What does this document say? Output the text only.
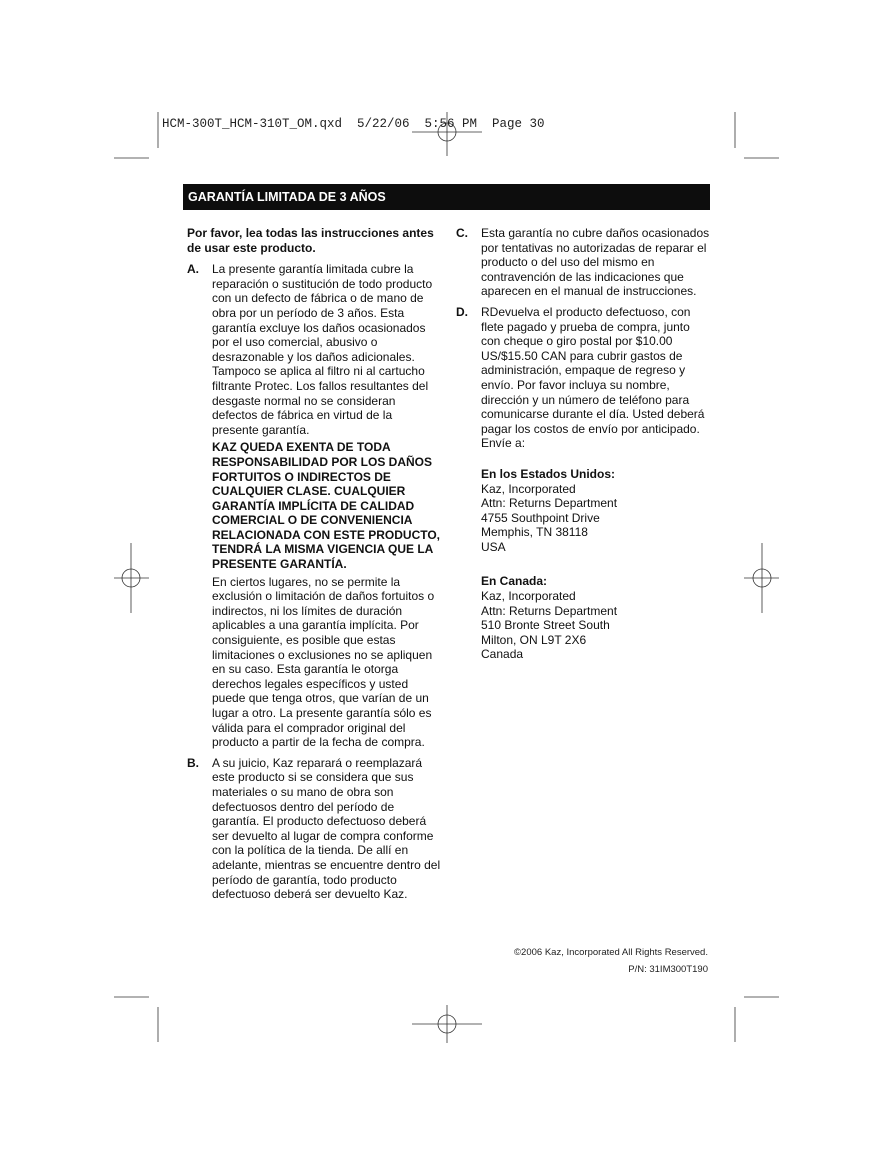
HCM-300T_HCM-310T_OM.qxd  5/22/06  5:56 PM  Page 30
GARANTÍA LIMITADA DE 3 AÑOS

Por favor, lea todas las instrucciones antes de usar este producto.

A.	La presente garantía limitada cubre la reparación o sustitución de todo producto con un defecto de fábrica o de mano de obra por un período de 3 años. Esta garantía excluye los daños ocasionados por el uso comercial, abusivo o desrazonable y los daños adicionales. Tampoco se aplica al filtro ni al cartucho filtrante Protec. Los fallos resultantes del desgaste normal no se consideran defectos de fábrica en virtud de la presente garantía.

KAZ QUEDA EXENTA DE TODA RESPONSABILIDAD POR LOS DAÑOS FORTUITOS O INDIRECTOS DE CUALQUIER CLASE. CUALQUIER GARANTÍA IMPLÍCITA DE CALIDAD COMERCIAL O DE CONVENIENCIA RELACIONADA CON ESTE PRODUCTO, TENDRÁ LA MISMA VIGENCIA QUE LA PRESENTE GARANTÍA.

En ciertos lugares, no se permite la exclusión o limitación de daños fortuitos o indirectos, ni los límites de duración aplicables a una garantía implícita. Por consiguiente, es posible que estas limitaciones o exclusiones no se apliquen en su caso. Esta garantía le otorga derechos legales específicos y usted puede que tenga otros, que varían de un lugar a otro. La presente garantía sólo es válida para el comprador original del producto a partir de la fecha de compra.

B.	A su juicio, Kaz reparará o reemplazará este producto si se considera que sus materiales o su mano de obra son defectuosos dentro del período de garantía. El producto defectuoso deberá ser devuelto al lugar de compra conforme con la política de la tienda. De allí en adelante, mientras se encuentre dentro del período de garantía, todo producto defectuoso deberá ser devuelto Kaz.

C.	Esta garantía no cubre daños ocasionados por tentativas no autorizadas de reparar el producto o del uso del mismo en contravención de las indicaciones que aparecen en el manual de instrucciones.

D.	RDevuelva el producto defectuoso, con flete pagado y prueba de compra, junto con cheque o giro postal por $10.00 US/$15.50 CAN para cubrir gastos de administración, empaque de regreso y envío. Por favor incluya su nombre, dirección y un número de teléfono para comunicarse durante el día. Usted deberá pagar los costos de envío por anticipado. Envíe a:

En los Estados Unidos:

Kaz, Incorporated

Attn: Returns Department

4755 Southpoint Drive

Memphis, TN 38118

USA

En Canada:

Kaz, Incorporated

Attn: Returns Department

510 Bronte Street South

Milton, ON L9T 2X6

Canada

©2006 Kaz, Incorporated All Rights Reserved.
P/N: 31IM300T190
